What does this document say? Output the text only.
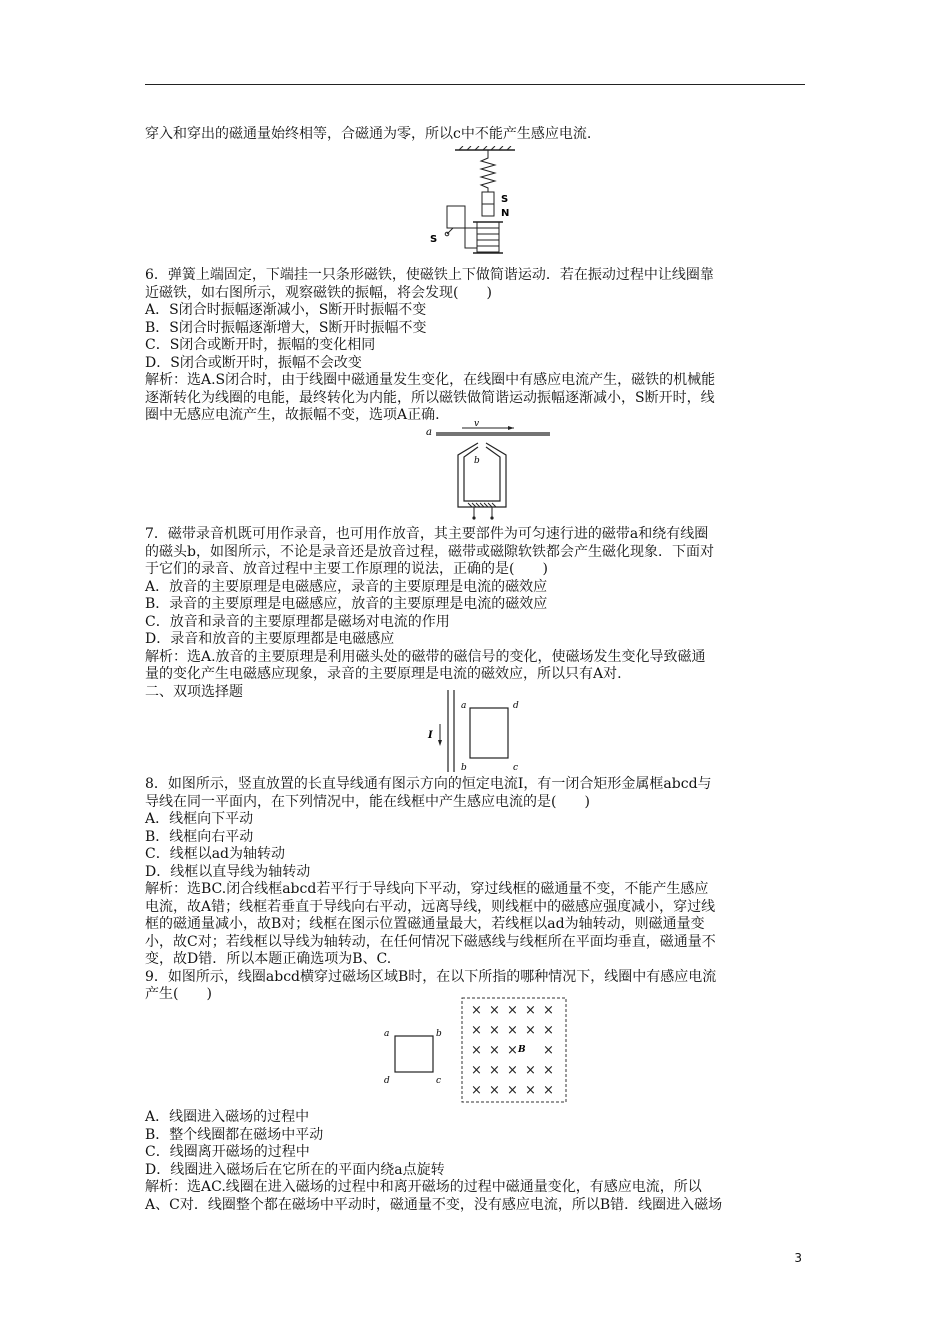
穿入和穿出的磁通量始终相等，合磁通为零，所以c中不能产生感应电流.

S
N
S

6．弹簧上端固定，下端挂一只条形磁铁，使磁铁上下做简谐运动．若在振动过程中让线圈靠

近磁铁，如右图所示，观察磁铁的振幅，将会发现(　　)

A．S闭合时振幅逐渐减小，S断开时振幅不变

B．S闭合时振幅逐渐增大，S断开时振幅不变

C．S闭合或断开时，振幅的变化相同

D．S闭合或断开时，振幅不会改变

解析：选A.S闭合时，由于线圈中磁通量发生变化，在线圈中有感应电流产生，磁铁的机械能

逐渐转化为线圈的电能，最终转化为内能，所以磁铁做简谐运动振幅逐渐减小，S断开时，线

圈中无感应电流产生，故振幅不变，选项A正确.

a
v
b

7．磁带录音机既可用作录音，也可用作放音，其主要部件为可匀速行进的磁带a和绕有线圈

的磁头b，如图所示，不论是录音还是放音过程，磁带或磁隙软铁都会产生磁化现象．下面对

于它们的录音、放音过程中主要工作原理的说法，正确的是(　　)

A．放音的主要原理是电磁感应，录音的主要原理是电流的磁效应

B．录音的主要原理是电磁感应，放音的主要原理是电流的磁效应

C．放音和录音的主要原理都是磁场对电流的作用

D．录音和放音的主要原理都是电磁感应

解析：选A.放音的主要原理是利用磁头处的磁带的磁信号的变化，使磁场发生变化导致磁通

量的变化产生电磁感应现象，录音的主要原理是电流的磁效应，所以只有A对.

二、双项选择题

I
a	d
b	c

8．如图所示，竖直放置的长直导线通有图示方向的恒定电流I，有一闭合矩形金属框abcd与

导线在同一平面内，在下列情况中，能在线框中产生感应电流的是(　　)

A．线框向下平动

B．线框向右平动

C．线框以ad为轴转动

D．线框以直导线为轴转动

解析：选BC.闭合线框abcd若平行于导线向下平动，穿过线框的磁通量不变，不能产生感应

电流，故A错；线框若垂直于导线向右平动，远离导线，则线框中的磁感应强度减小，穿过线

框的磁通量减小，故B对；线框在图示位置磁通量最大，若线框以ad为轴转动，则磁通量变

小，故C对；若线框以导线为轴转动，在任何情况下磁感线与线框所在平面均垂直，磁通量不

变，故D错．所以本题正确选项为B、C.

9．如图所示，线圈abcd横穿过磁场区域B时，在以下所指的哪种情况下，线圈中有感应电流

产生(　　)

a	b
d	c
× × × × ×
× × × × ×
× × × ×
× × × × ×
× × × × ×
B

A．线圈进入磁场的过程中

B．整个线圈都在磁场中平动

C．线圈离开磁场的过程中

D．线圈进入磁场后在它所在的平面内绕a点旋转

解析：选AC.线圈在进入磁场的过程中和离开磁场的过程中磁通量变化，有感应电流，所以

A、C对．线圈整个都在磁场中平动时，磁通量不变，没有感应电流，所以B错．线圈进入磁场

3
